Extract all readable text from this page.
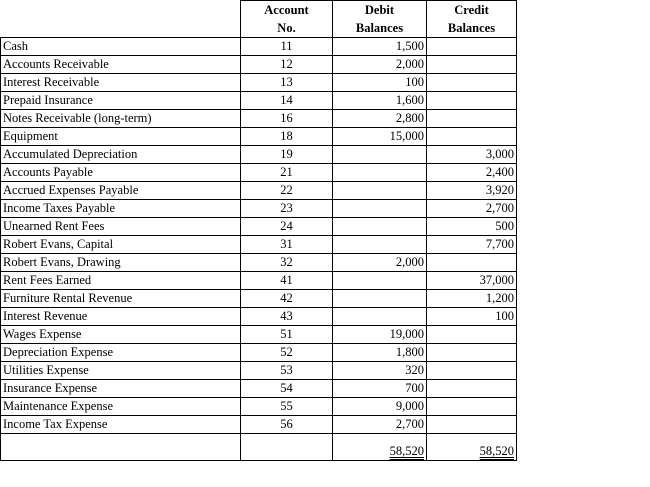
	Account	Debit	Credit
	No.	Balances	Balances
Cash	11	1,500	
Accounts Receivable	12	2,000	
Interest Receivable	13	100	
Prepaid Insurance	14	1,600	
Notes Receivable (long-term)	16	2,800	
Equipment	18	15,000	
Accumulated Depreciation	19		3,000
Accounts Payable	21		2,400
Accrued Expenses Payable	22		3,920
Income Taxes Payable	23		2,700
Unearned Rent Fees	24		500
Robert Evans, Capital	31		7,700
Robert Evans, Drawing	32	2,000	
Rent Fees Earned	41		37,000
Furniture Rental Revenue	42		1,200
Interest Revenue	43		100
Wages Expense	51	19,000	
Depreciation Expense	52	1,800	
Utilities Expense	53	320	
Insurance Expense	54	700	
Maintenance Expense	55	9,000	
Income Tax Expense	56	2,700	
		58,520	58,520
